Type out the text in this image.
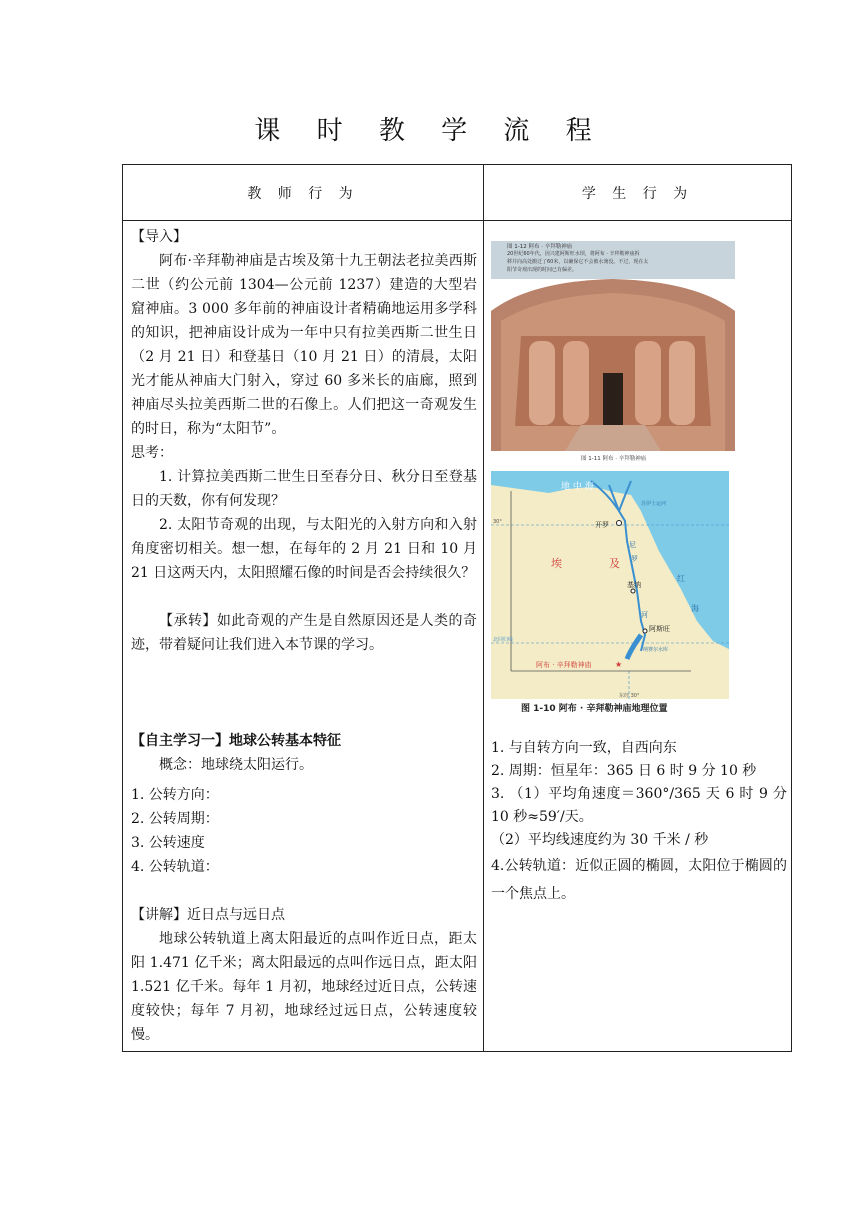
课 时 教 学 流 程
教 师 行 为	学 生 行 为

【导入】

阿布·辛拜勒神庙是古埃及第十九王朝法老拉美西斯二世（约公元前 1304—公元前 1237）建造的大型岩窟神庙。3 000 多年前的神庙设计者精确地运用多学科的知识，把神庙设计成为一年中只有拉美西斯二世生日（2 月 21 日）和登基日（10 月 21 日）的清晨，太阳光才能从神庙大门射入，穿过 60 多米长的庙廊，照到神庙尽头拉美西斯二世的石像上。人们把这一奇观发生的时日，称为“太阳节”。

思考：

1. 计算拉美西斯二世生日至春分日、秋分日至登基日的天数，你有何发现？

2. 太阳节奇观的出现，与太阳光的入射方向和入射角度密切相关。想一想，在每年的 2 月 21 日和 10 月 21 日这两天内，太阳照耀石像的时间是否会持续很久？

【承转】如此奇观的产生是自然原因还是人类的奇迹，带着疑问让我们进入本节课的学习。

【自主学习一】地球公转基本特征

概念：地球绕太阳运行。

1. 公转方向：

2. 公转周期：

3. 公转速度

4. 公转轨道：

【讲解】近日点与远日点

地球公转轨道上离太阳最近的点叫作近日点，距太阳 1.471 亿千米；离太阳最远的点叫作远日点，距太阳 1.521 亿千米。每年 1 月初，地球经过近日点，公转速度较快；每年 7 月初，地球经过远日点，公转速度较慢。

图 1-12 阿布 · 辛拜勒神庙
20世纪60年代，因兴建阿斯旺水坝，将阿布 · 辛拜勒神庙拆
移并向高处搬迁了60米，以确保它不会被水淹没。不过，现在太
阳节奇观出现的时间已有偏差。
图 1-11 阿布 · 辛拜勒神庙
地 中 海
埃	及
开罗
基纳
阿斯旺
阿布 · 辛拜勒神庙	★
红
海
30°
北回归线
东经 30°
尼
罗
河
纳赛尔水库
苏伊士运河
图 1-10 阿布 · 辛拜勒神庙地理位置

1. 与自转方向一致，自西向东

2. 周期：恒星年：365 日 6 时 9 分 10 秒

3. （1）平均角速度＝360°/365 天 6 时 9 分 10 秒≈59′/天。

（2）平均线速度约为 30 千米 / 秒

4.公转轨道：近似正圆的椭圆，太阳位于椭圆的一个焦点上。
